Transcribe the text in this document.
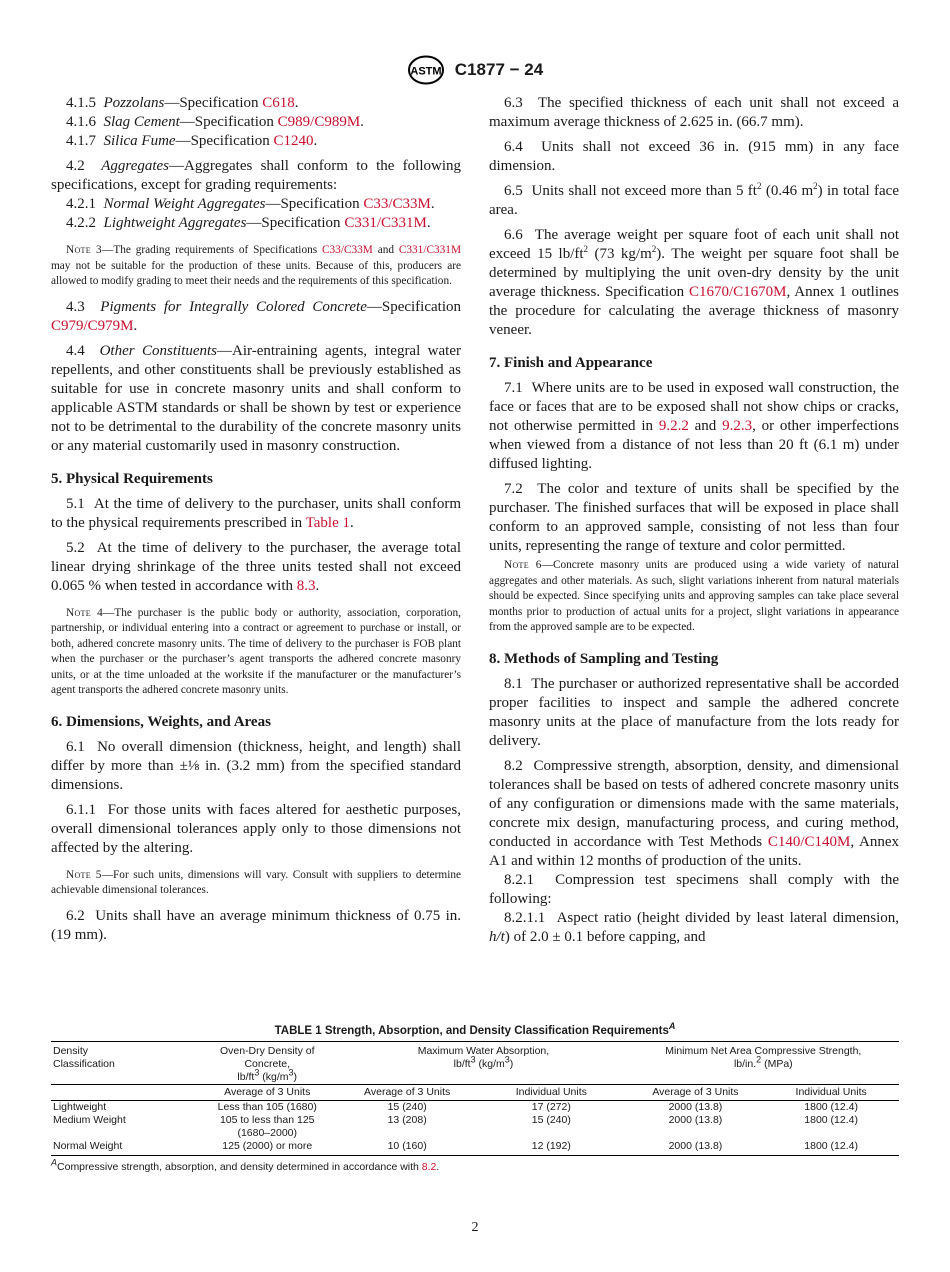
ASTM C1877 − 24

4.1.5 Pozzolans—Specification C618.

4.1.6 Slag Cement—Specification C989/C989M.

4.1.7 Silica Fume—Specification C1240.

4.2 Aggregates—Aggregates shall conform to the following specifications, except for grading requirements:

4.2.1 Normal Weight Aggregates—Specification C33/C33M.

4.2.2 Lightweight Aggregates—Specification C331/C331M.

Note 3—The grading requirements of Specifications C33/C33M and C331/C331M may not be suitable for the production of these units. Because of this, producers are allowed to modify grading to meet their needs and the requirements of this specification.

4.3 Pigments for Integrally Colored Concrete—Specification C979/C979M.

4.4 Other Constituents—Air-entraining agents, integral water repellents, and other constituents shall be previously established as suitable for use in concrete masonry units and shall conform to applicable ASTM standards or shall be shown by test or experience not to be detrimental to the durability of the concrete masonry units or any material customarily used in masonry construction.

5. Physical Requirements

5.1 At the time of delivery to the purchaser, units shall conform to the physical requirements prescribed in Table 1.

5.2 At the time of delivery to the purchaser, the average total linear drying shrinkage of the three units tested shall not exceed 0.065 % when tested in accordance with 8.3.

Note 4—The purchaser is the public body or authority, association, corporation, partnership, or individual entering into a contract or agreement to purchase or install, or both, adhered concrete masonry units. The time of delivery to the purchaser is FOB plant when the purchaser or the purchaser’s agent transports the adhered concrete masonry units, or at the time unloaded at the worksite if the manufacturer or the manufacturer’s agent transports the adhered concrete masonry units.

6. Dimensions, Weights, and Areas

6.1 No overall dimension (thickness, height, and length) shall differ by more than ±⅛ in. (3.2 mm) from the specified standard dimensions.

6.1.1 For those units with faces altered for aesthetic purposes, overall dimensional tolerances apply only to those dimensions not affected by the altering.

Note 5—For such units, dimensions will vary. Consult with suppliers to determine achievable dimensional tolerances.

6.2 Units shall have an average minimum thickness of 0.75 in. (19 mm).

6.3 The specified thickness of each unit shall not exceed a maximum average thickness of 2.625 in. (66.7 mm).

6.4 Units shall not exceed 36 in. (915 mm) in any face dimension.

6.5 Units shall not exceed more than 5 $ft^2$ (0.46 $m^2$) in total face area.

6.6 The average weight per square foot of each unit shall not exceed 15 $lb/ft^2$ (73 $kg/m^2$). The weight per square foot shall be determined by multiplying the unit oven-dry density by the unit average thickness. Specification C1670/C1670M, Annex 1 outlines the procedure for calculating the average thickness of masonry veneer.

7. Finish and Appearance

7.1 Where units are to be used in exposed wall construction, the face or faces that are to be exposed shall not show chips or cracks, not otherwise permitted in 9.2.2 and 9.2.3, or other imperfections when viewed from a distance of not less than 20 ft (6.1 m) under diffused lighting.

7.2 The color and texture of units shall be specified by the purchaser. The finished surfaces that will be exposed in place shall conform to an approved sample, consisting of not less than four units, representing the range of texture and color permitted.

Note 6—Concrete masonry units are produced using a wide variety of natural aggregates and other materials. As such, slight variations inherent from natural materials should be expected. Since specifying units and approving samples can take place several months prior to production of actual units for a project, slight variations in appearance from the approved sample are to be expected.

8. Methods of Sampling and Testing

8.1 The purchaser or authorized representative shall be accorded proper facilities to inspect and sample the adhered concrete masonry units at the place of manufacture from the lots ready for delivery.

8.2 Compressive strength, absorption, density, and dimensional tolerances shall be based on tests of adhered concrete masonry units of any configuration or dimensions made with the same materials, concrete mix design, manufacturing process, and curing method, conducted in accordance with Test Methods C140/C140M, Annex A1 and within 12 months of production of the units.

8.2.1 Compression test specimens shall comply with the following:

8.2.1.1 Aspect ratio (height divided by least lateral dimension, h/t) of 2.0 ± 0.1 before capping, and

TABLE 1 Strength, Absorption, and Density Classification Requirements$^A$
Density
Classification	Oven-Dry Density of
Concrete,
$lb/ft^3$ $(kg/m^3)$	Maximum Water Absorption,
$lb/ft^3$ $(kg/m^3)$		Minimum Net Area Compressive Strength,
lb/in.$^2$ (MPa)	
	Average of 3 Units	Average of 3 Units	Individual Units	Average of 3 Units	Individual Units
Lightweight	Less than 105 (1680)	15 (240)	17 (272)	2000 (13.8)	1800 (12.4)
Medium Weight	105 to less than 125
(1680–2000)	13 (208)	15 (240)	2000 (13.8)	1800 (12.4)
Normal Weight	125 (2000) or more	10 (160)	12 (192)	2000 (13.8)	1800 (12.4)
$^A$Compressive strength, absorption, and density determined in accordance with 8.2.
2
